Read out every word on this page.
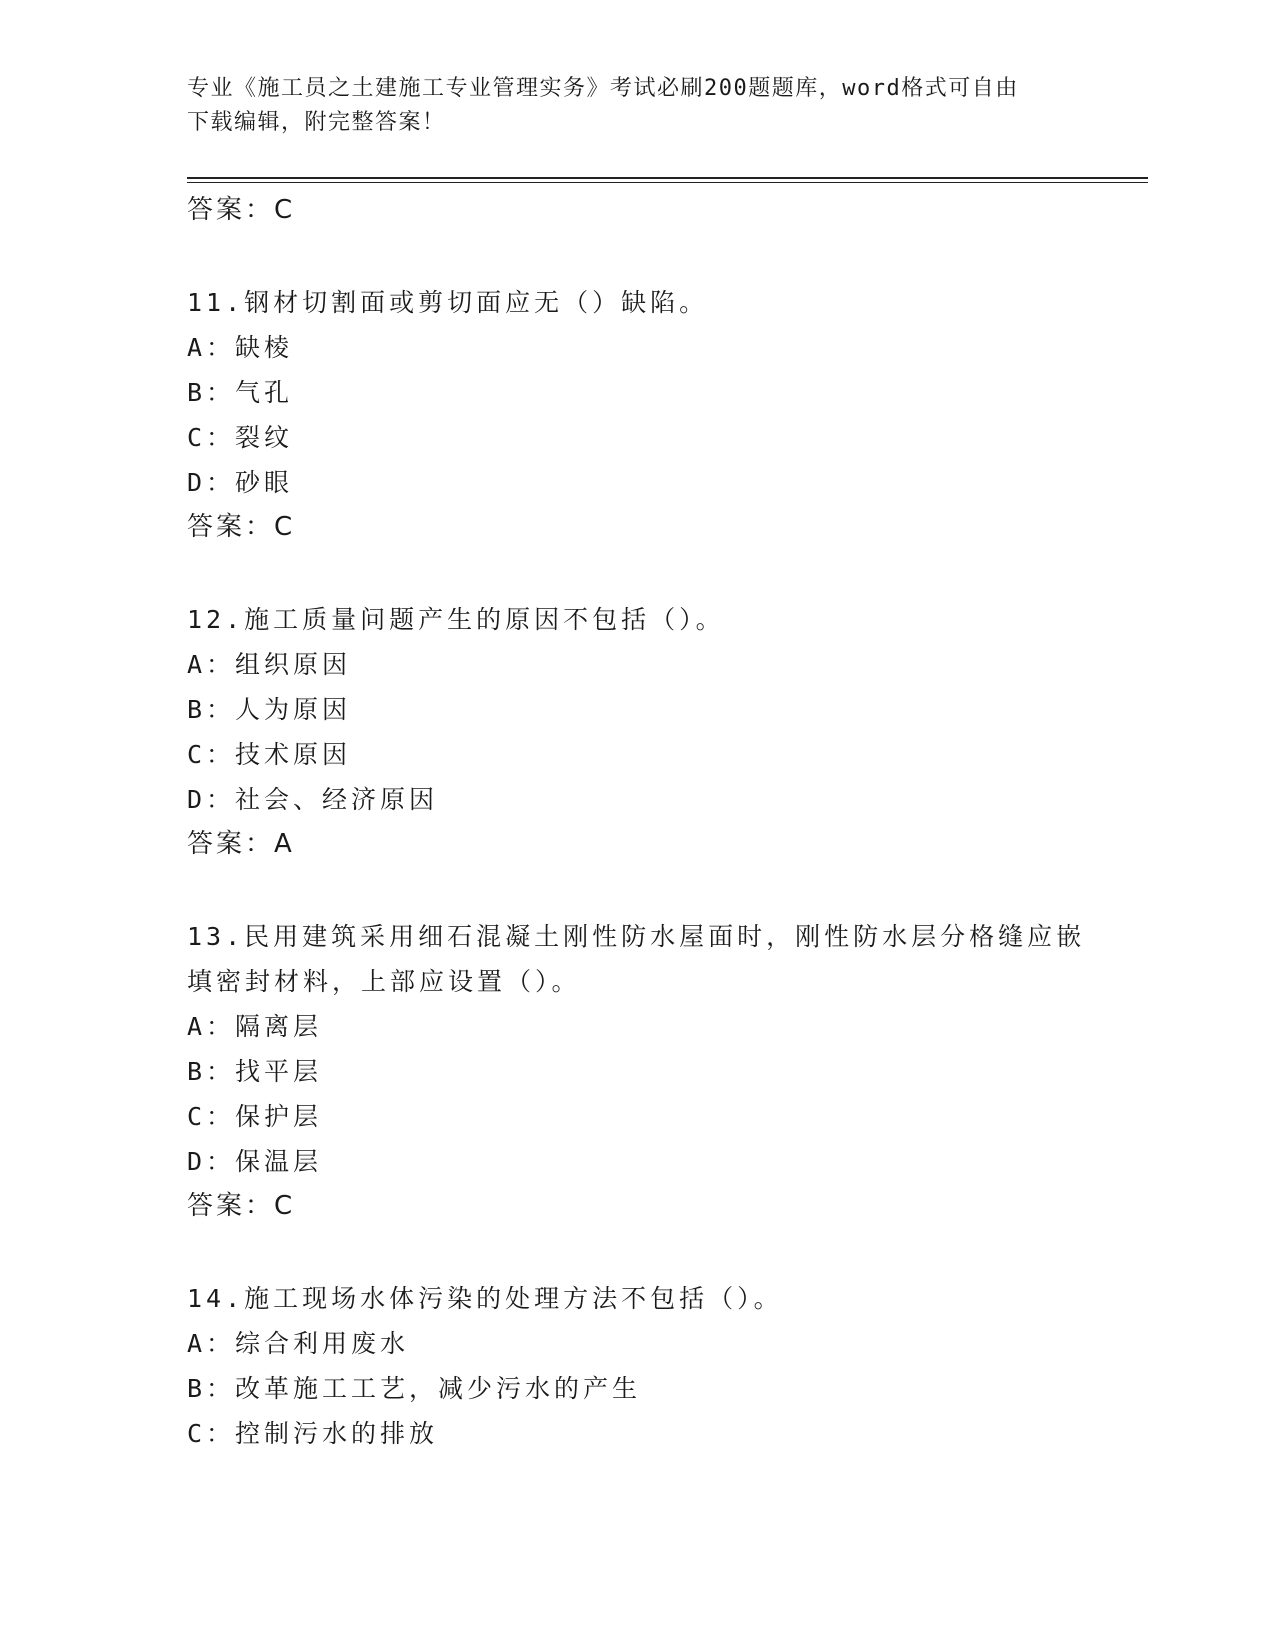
专业《施工员之土建施工专业管理实务》考试必刷200题题库，word格式可自由
下载编辑，附完整答案！
答案：C
11.钢材切割面或剪切面应无（）缺陷。
A：缺棱
B：气孔
C：裂纹
D：砂眼
答案：C
12.施工质量问题产生的原因不包括（）。
A：组织原因
B：人为原因
C：技术原因
D：社会、经济原因
答案：A
13.民用建筑采用细石混凝土刚性防水屋面时，刚性防水层分格缝应嵌
填密封材料，上部应设置（）。
A：隔离层
B：找平层
C：保护层
D：保温层
答案：C
14.施工现场水体污染的处理方法不包括（）。
A：综合利用废水
B：改革施工工艺，减少污水的产生
C：控制污水的排放
